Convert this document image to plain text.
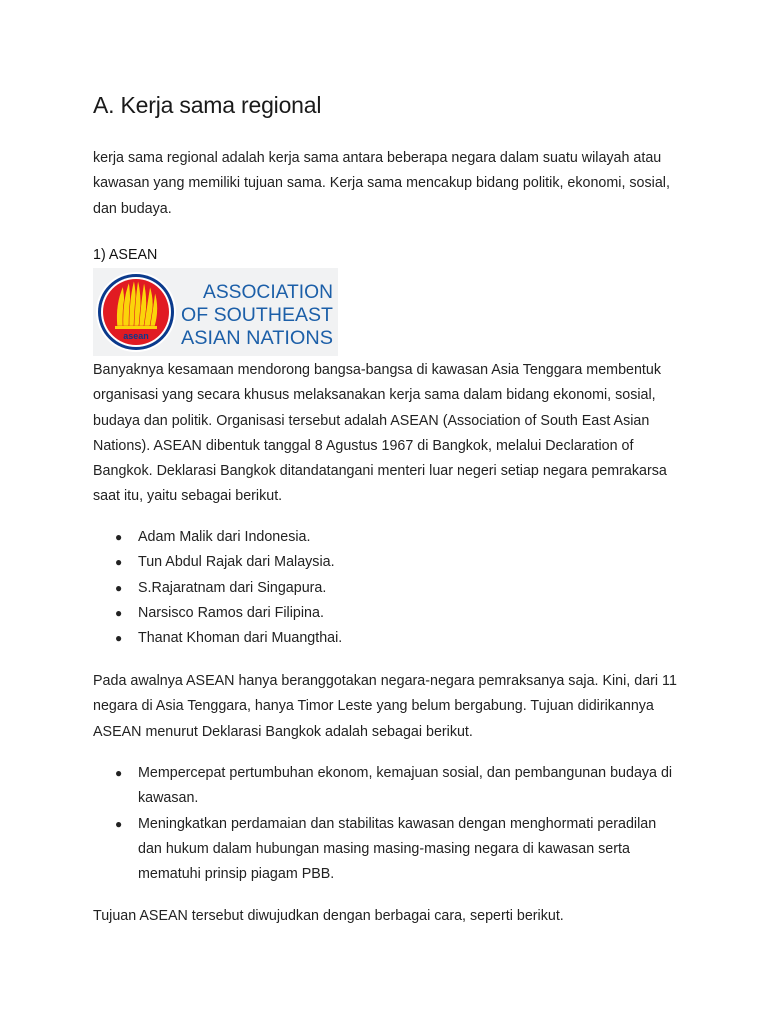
A. Kerja sama regional

kerja sama regional adalah kerja sama antara beberapa negara dalam suatu wilayah atau kawasan yang memiliki tujuan sama. Kerja sama mencakup bidang politik, ekonomi, sosial, dan budaya.

1) ASEAN

asean
ASSOCIATION
OF SOUTHEAST
ASIAN NATIONS

Banyaknya kesamaan mendorong bangsa-bangsa di kawasan Asia Tenggara membentuk organisasi yang secara khusus melaksanakan kerja sama dalam bidang ekonomi, sosial, budaya dan politik. Organisasi tersebut adalah ASEAN (Association of South East Asian Nations). ASEAN dibentuk tanggal 8 Agustus 1967 di Bangkok, melalui Declaration of Bangkok. Deklarasi Bangkok ditandatangani menteri luar negeri setiap negara pemrakarsa saat itu, yaitu sebagai berikut.

● Adam Malik dari Indonesia.
● Tun Abdul Rajak dari Malaysia.
● S.Rajaratnam dari Singapura.
● Narsisco Ramos dari Filipina.
● Thanat Khoman dari Muangthai.

Pada awalnya ASEAN hanya beranggotakan negara-negara pemraksanya saja. Kini, dari 11 negara di Asia Tenggara, hanya Timor Leste yang belum bergabung. Tujuan didirikannya ASEAN menurut Deklarasi Bangkok adalah sebagai berikut.

● Mempercepat pertumbuhan ekonom, kemajuan sosial, dan pembangunan budaya di kawasan.
● Meningkatkan perdamaian dan stabilitas kawasan dengan menghormati peradilan dan hukum dalam hubungan masing masing-masing negara di kawasan serta mematuhi prinsip piagam PBB.

Tujuan ASEAN tersebut diwujudkan dengan berbagai cara, seperti berikut.
